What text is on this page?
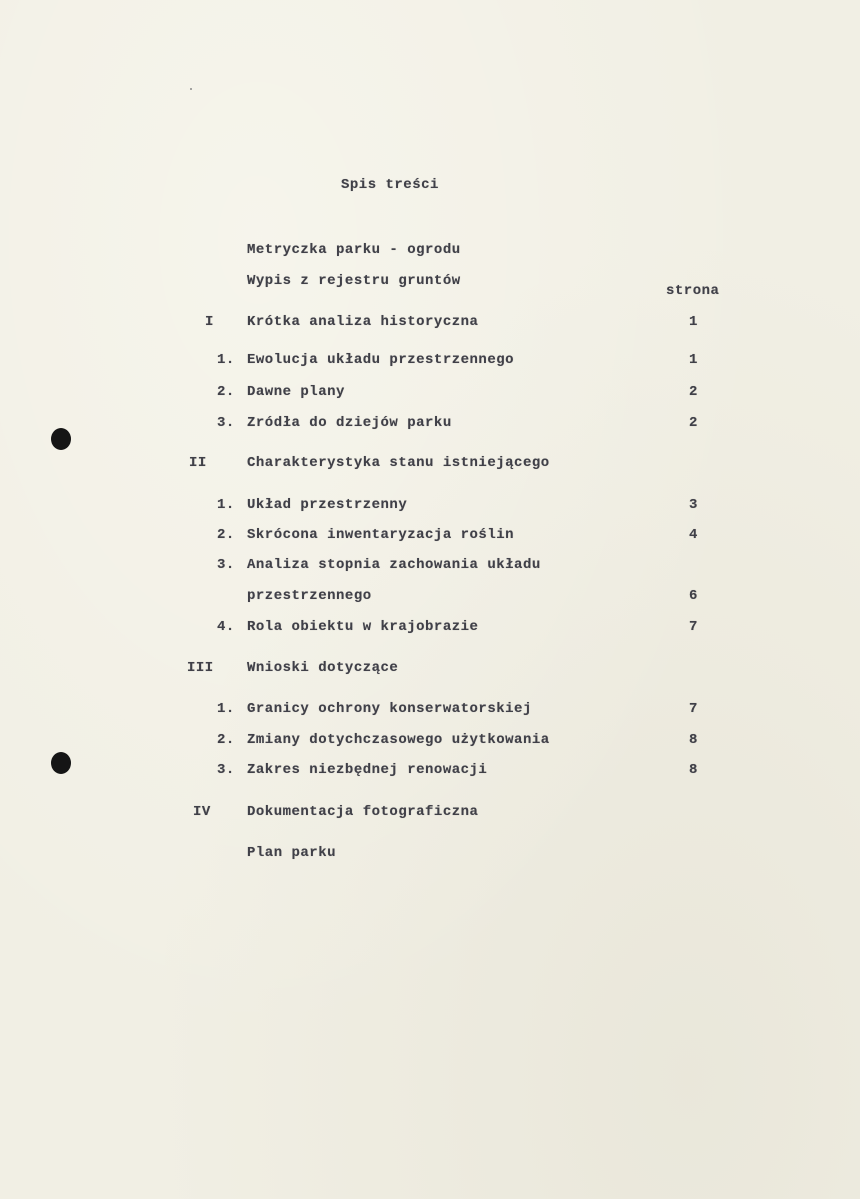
Spis treści
Metryczka parku - ogrodu
Wypis z rejestru gruntów
strona
I Krótka analiza historyczna	1
1. Ewolucja układu przestrzennego	1
2. Dawne plany	2
3. Zródła do dziejów parku	2
II	Charakterystyka stanu istniejącego
1. Układ przestrzenny	3
2. Skrócona inwentaryzacja roślin	4
3. Analiza stopnia zachowania układu
przestrzennego	6
4. Rola obiektu w krajobrazie	7
III Wnioski dotyczące
1. Granicy ochrony konserwatorskiej	7
2. Zmiany dotychczasowego użytkowania	8
3. Zakres niezbędnej renowacji	8
IV	Dokumentacja fotograficzna
Plan parku
